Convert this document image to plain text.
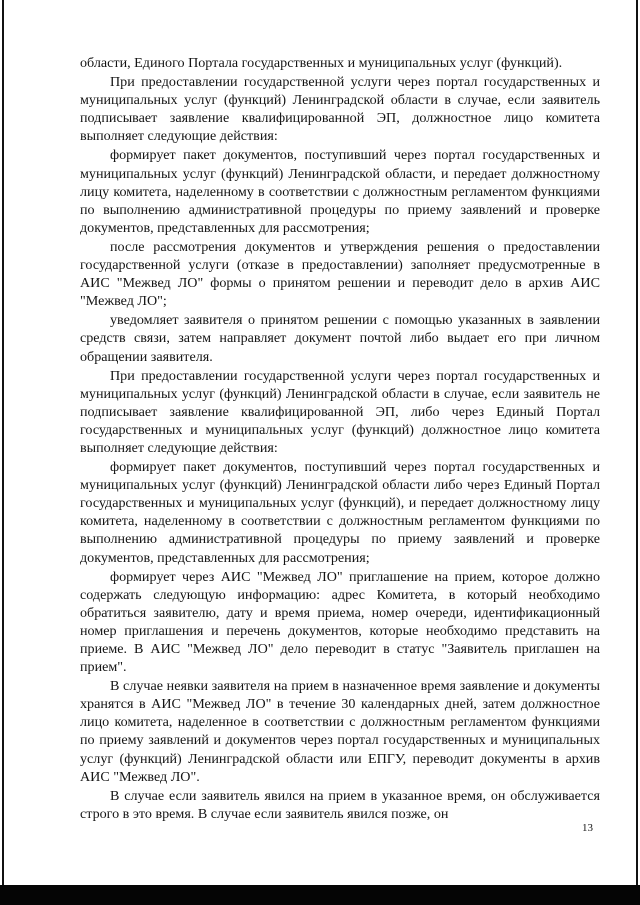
области, Единого Портала государственных и муниципальных услуг (функций).

При предоставлении государственной услуги через портал государственных и муниципальных услуг (функций) Ленинградской области в случае, если заявитель подписывает заявление квалифицированной ЭП, должностное лицо комитета выполняет следующие действия:

формирует пакет документов, поступивший через портал государственных и муниципальных услуг (функций) Ленинградской области, и передает должностному лицу комитета, наделенному в соответствии с должностным регламентом функциями по выполнению административной процедуры по приему заявлений и проверке документов, представленных для рассмотрения;

после рассмотрения документов и утверждения решения о предоставлении государственной услуги (отказе в предоставлении) заполняет предусмотренные в АИС "Межвед ЛО" формы о принятом решении и переводит дело в архив АИС "Межвед ЛО";

уведомляет заявителя о принятом решении с помощью указанных в заявлении средств связи, затем направляет документ почтой либо выдает его при личном обращении заявителя.

При предоставлении государственной услуги через портал государственных и муниципальных услуг (функций) Ленинградской области в случае, если заявитель не подписывает заявление квалифицированной ЭП, либо через Единый Портал государственных и муниципальных услуг (функций) должностное лицо комитета выполняет следующие действия:

формирует пакет документов, поступивший через портал государственных и муниципальных услуг (функций) Ленинградской области либо через Единый Портал государственных и муниципальных услуг (функций), и передает должностному лицу комитета, наделенному в соответствии с должностным регламентом функциями по выполнению административной процедуры по приему заявлений и проверке документов, представленных для рассмотрения;

формирует через АИС "Межвед ЛО" приглашение на прием, которое должно содержать следующую информацию: адрес Комитета, в который необходимо обратиться заявителю, дату и время приема, номер очереди, идентификационный номер приглашения и перечень документов, которые необходимо представить на приеме. В АИС "Межвед ЛО" дело переводит в статус "Заявитель приглашен на прием".

В случае неявки заявителя на прием в назначенное время заявление и документы хранятся в АИС "Межвед ЛО" в течение 30 календарных дней, затем должностное лицо комитета, наделенное в соответствии с должностным регламентом функциями по приему заявлений и документов через портал государственных и муниципальных услуг (функций) Ленинградской области или ЕПГУ, переводит документы в архив АИС "Межвед ЛО".

В случае если заявитель явился на прием в указанное время, он обслуживается строго в это время. В случае если заявитель явился позже, он

13
